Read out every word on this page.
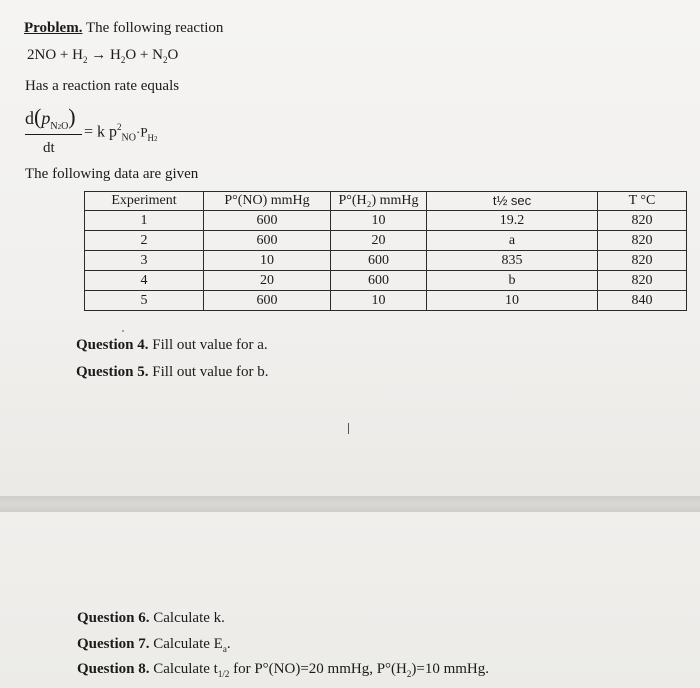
Problem. The following reaction
$2NO + H_2 \to H_2O + N_2O$
Has a reaction rate equals
$d(p_{N2O})$
dt
= k $p^2_{NO}\cdot P_{H2}$
The following data are given
Experiment	P°(NO) mmHg	P°(H₂) mmHg	t½ sec	T °C
1	600	10	19.2	820
2	600	20	a	820
3	10	600	835	820
4	20	600	b	820
5	600	10	10	840
Question 4. Fill out value for a.
Question 5. Fill out value for b.
Question 6. Calculate k.
Question 7. Calculate $E_a$.
Question 8. Calculate $t_{1/2}$ for P°(NO)=20 mmHg, $P^\circ(H_2)=10$ mmHg.
